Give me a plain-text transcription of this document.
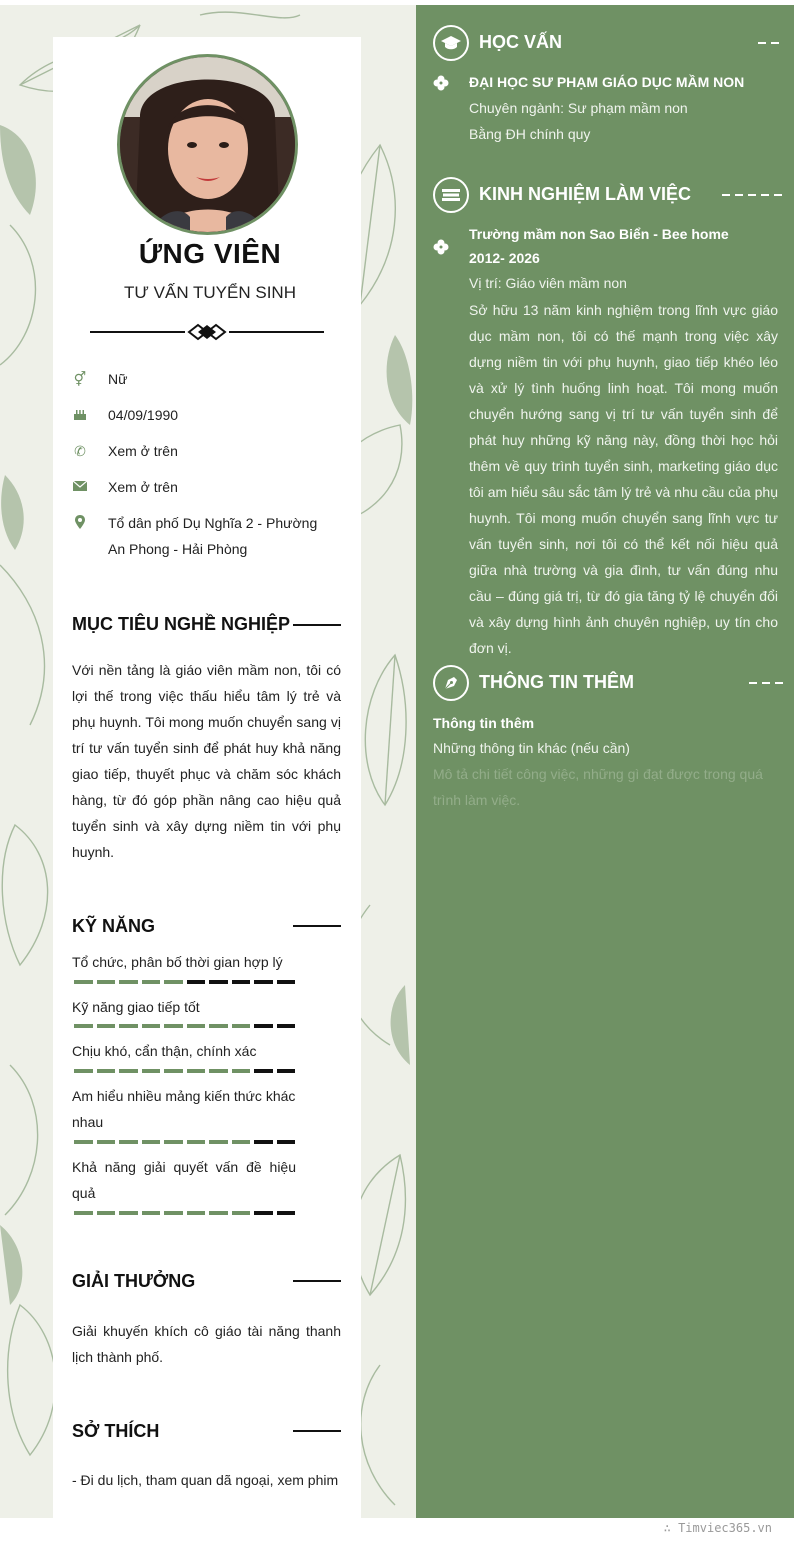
ỨNG VIÊN
TƯ VẤN TUYỂN SINH
⚥ Nữ
04/09/1990
✆ Xem ở trên
Xem ở trên
Tổ dân phố Dụ Nghĩa 2 - Phường An Phong - Hải Phòng
MỤC TIÊU NGHỀ NGHIỆP
Với nền tảng là giáo viên mầm non, tôi có lợi thế trong việc thấu hiểu tâm lý trẻ và phụ huynh. Tôi mong muốn chuyển sang vị trí tư vấn tuyển sinh để phát huy khả năng giao tiếp, thuyết phục và chăm sóc khách hàng, từ đó góp phần nâng cao hiệu quả tuyển sinh và xây dựng niềm tin với phụ huynh.
KỸ NĂNG
Tổ chức, phân bố thời gian hợp lý
Kỹ năng giao tiếp tốt
Chịu khó, cẩn thận, chính xác
Am hiểu nhiều mảng kiến thức khác nhau
Khả năng giải quyết vấn đề hiệu quả
GIẢI THƯỞNG
Giải khuyến khích cô giáo tài năng thanh lịch thành phố.
SỞ THÍCH
- Đi du lịch, tham quan dã ngoại, xem phim
HỌC VẤN
ĐẠI HỌC SƯ PHẠM GIÁO DỤC MẦM NON
Chuyên ngành: Sư phạm mầm non
Bằng ĐH chính quy
KINH NGHIỆM LÀM VIỆC
Trường mầm non Sao Biển - Bee home
2012- 2026
Vị trí: Giáo viên mầm non
Sở hữu 13 năm kinh nghiệm trong lĩnh vực giáo dục mầm non, tôi có thế mạnh trong việc xây dựng niềm tin với phụ huynh, giao tiếp khéo léo và xử lý tình huống linh hoạt. Tôi mong muốn chuyển hướng sang vị trí tư vấn tuyển sinh để phát huy những kỹ năng này, đồng thời học hỏi thêm về quy trình tuyển sinh, marketing giáo dục tôi am hiểu sâu sắc tâm lý trẻ và nhu cầu của phụ huynh. Tôi mong muốn chuyển sang lĩnh vực tư vấn tuyển sinh, nơi tôi có thể kết nối hiệu quả giữa nhà trường và gia đình, tư vấn đúng nhu cầu – đúng giá trị, từ đó gia tăng tỷ lệ chuyển đổi và xây dựng hình ảnh chuyên nghiệp, uy tín cho đơn vị.
THÔNG TIN THÊM
Thông tin thêm
Những thông tin khác (nếu cần)
Mô tả chi tiết công việc, những gì đạt được trong quá trình làm việc.
∴ Timviec365.vn
